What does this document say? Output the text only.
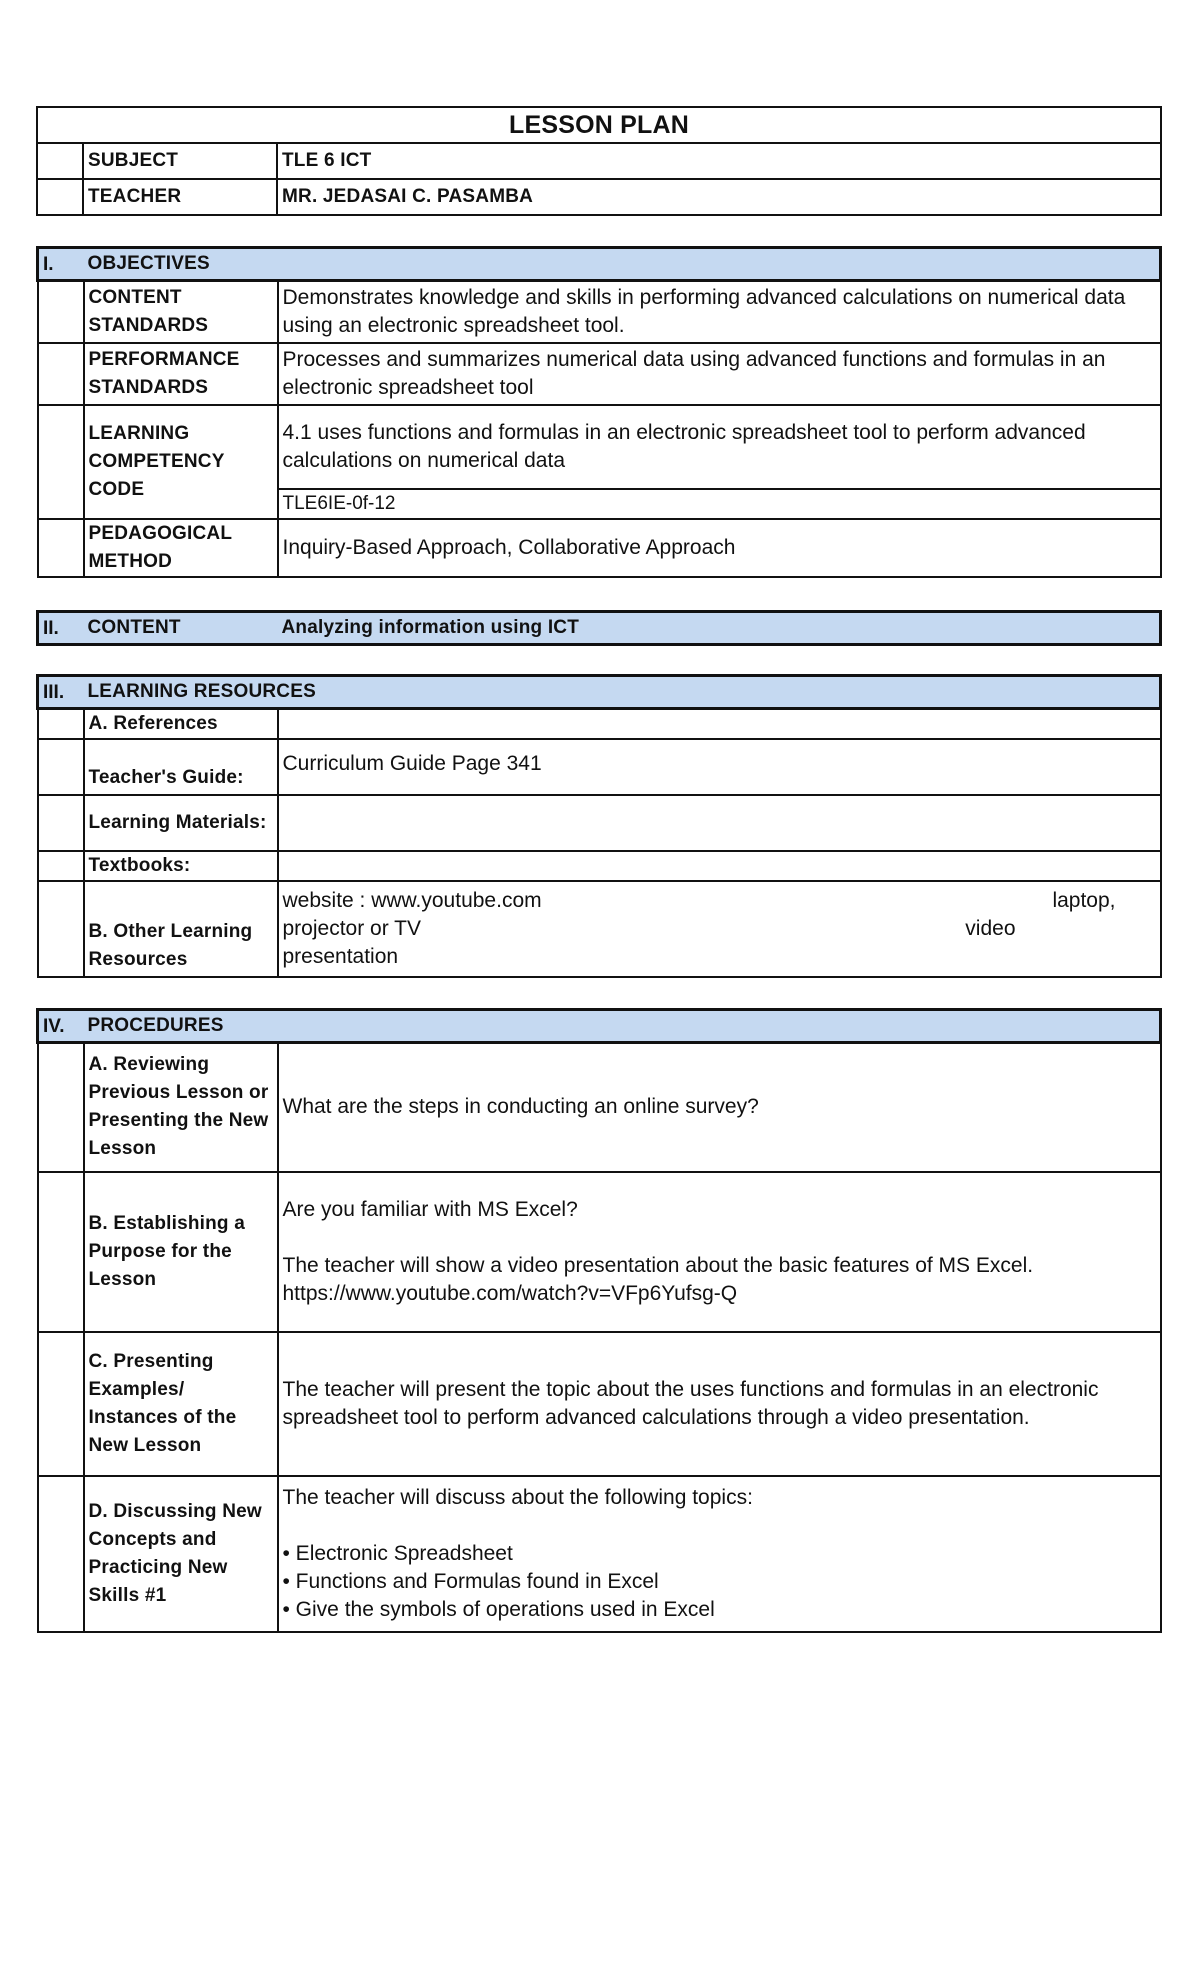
LESSON PLAN		
	SUBJECT	TLE 6 ICT
	TEACHER	MR. JEDASAI C. PASAMBA
I.	OBJECTIVES	
	CONTENT STANDARDS	Demonstrates knowledge and skills in performing advanced calculations on numerical data using an electronic spreadsheet tool.
	PERFORMANCE STANDARDS	Processes and summarizes numerical data using advanced functions and formulas in an electronic spreadsheet tool
	LEARNING COMPETENCY CODE	4.1 uses functions and formulas in an electronic spreadsheet tool to perform advanced calculations on numerical data
		TLE6IE-0f-12
	PEDAGOGICAL METHOD	Inquiry-Based Approach, Collaborative Approach
II.	CONTENT	Analyzing information using ICT
III.	LEARNING RESOURCES	
	A. References	
	Teacher's Guide:	Curriculum Guide Page 341
	Learning Materials:	
	Textbooks:	
	B. Other Learning Resources	website : www.youtube.com laptop,
projector or TV video
presentation
IV.	PROCEDURES	
	A. Reviewing Previous Lesson or Presenting the New Lesson	What are the steps in conducting an online survey?
	B. Establishing a Purpose for the Lesson	Are you familiar with MS Excel?
The teacher will show a video presentation about the basic features of MS Excel.
https://www.youtube.com/watch?v=VFp6Yufsg-Q

	C. Presenting Examples/ Instances of the New Lesson	The teacher will present the topic about the uses functions and formulas in an electronic spreadsheet tool to perform advanced calculations through a video presentation.
	D. Discussing New Concepts and Practicing New Skills #1	The teacher will discuss about the following topics:
• Electronic Spreadsheet
• Functions and Formulas found in Excel
• Give the symbols of operations used in Excel
